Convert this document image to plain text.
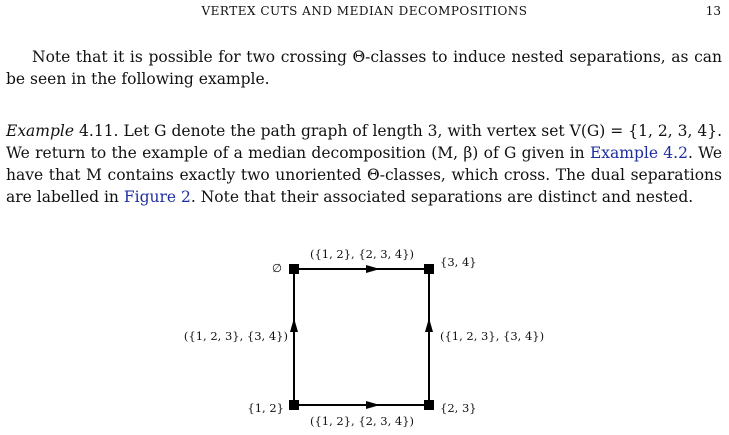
VERTEX CUTS AND MEDIAN DECOMPOSITIONS	13
Note that it is possible for two crossing Θ-classes to induce nested separations, as can be seen in the following example.
Example 4.11. Let G denote the path graph of length 3, with vertex set V(G) = {1, 2, 3, 4}. We return to the example of a median decomposition (M, β) of G given in Example 4.2. We have that M contains exactly two unoriented Θ-classes, which cross. The dual separations are labelled in Figure 2. Note that their associated separations are distinct and nested.
∅	{3, 4}
{1, 2}	{2, 3}
({1, 2}, {2, 3, 4})
({1, 2}, {2, 3, 4})
({1, 2, 3}, {3, 4})	({1, 2, 3}, {3, 4})
